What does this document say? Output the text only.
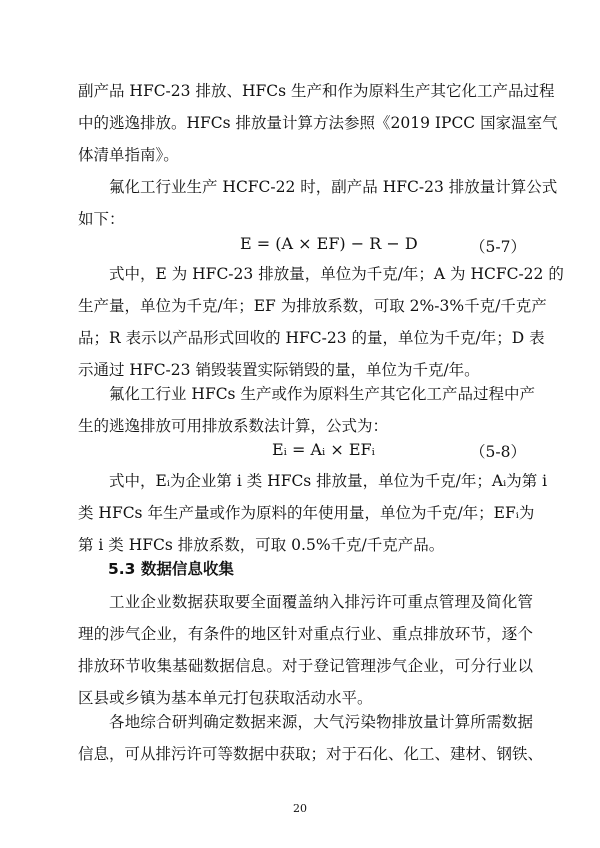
副产品 HFC-23 排放、HFCs 生产和作为原料生产其它化工产品过程
中的逃逸排放。HFCs 排放量计算方法参照《2019 IPCC 国家温室气
体清单指南》。
氟化工行业生产 HCFC-22 时，副产品 HFC-23 排放量计算公式
如下：
E = (A × EF) − R − D	（5-7）
式中，E 为 HFC-23 排放量，单位为千克/年；A 为 HCFC-22 的
生产量，单位为千克/年；EF 为排放系数，可取 2%-3%千克/千克产
品；R 表示以产品形式回收的 HFC-23 的量，单位为千克/年；D 表
示通过 HFC-23 销毁装置实际销毁的量，单位为千克/年。
氟化工行业 HFCs 生产或作为原料生产其它化工产品过程中产
生的逃逸排放可用排放系数法计算，公式为：
Eᵢ = Aᵢ × EFᵢ	（5-8）
式中，Eᵢ为企业第 i 类 HFCs 排放量，单位为千克/年；Aᵢ为第 i
类 HFCs 年生产量或作为原料的年使用量，单位为千克/年；EFᵢ为
第 i 类 HFCs 排放系数，可取 0.5%千克/千克产品。
5.3 数据信息收集
工业企业数据获取要全面覆盖纳入排污许可重点管理及简化管
理的涉气企业，有条件的地区针对重点行业、重点排放环节，逐个
排放环节收集基础数据信息。对于登记管理涉气企业，可分行业以
区县或乡镇为基本单元打包获取活动水平。
各地综合研判确定数据来源，大气污染物排放量计算所需数据
信息，可从排污许可等数据中获取；对于石化、化工、建材、钢铁、
20
